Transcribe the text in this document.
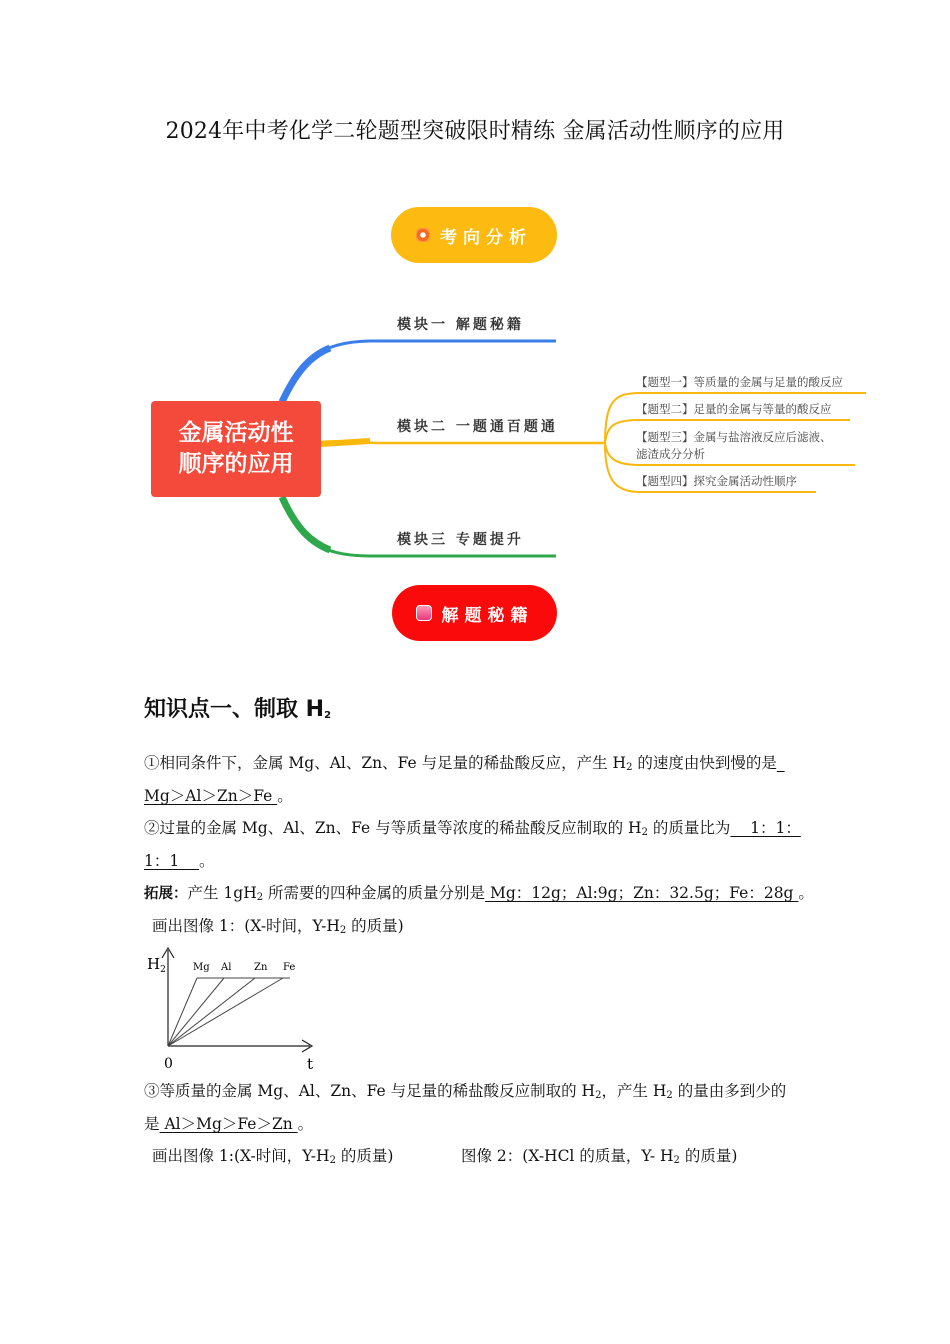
2024年中考化学二轮题型突破限时精练 金属活动性顺序的应用
考向分析
金属活动性
顺序的应用
模块一 解题秘籍
模块二 一题通百题通
模块三 专题提升
【题型一】等质量的金属与足量的酸反应
【题型二】足量的金属与等量的酸反应
【题型三】金属与盐溶液反应后滤液、
滤渣成分分析
【题型四】探究金属活动性顺序
解题秘籍
知识点一、制取 $H_2$
①相同条件下，金属 Mg、Al、Zn、Fe 与足量的稀盐酸反应，产生 $H_2$ 的速度由快到慢的是_
Mg＞Al＞Zn＞Fe 。
②过量的金属 Mg、Al、Zn、Fe 与等质量等浓度的稀盐酸反应制取的 $H_2$ 的质量比为    1：1：
1：1    。
拓展：产生 $1gH_2$ 所需要的四种金属的质量分别是 Mg：12g；Al:9g；Zn：32.5g；Fe：28g 。
画出图像 1：(X-时间，$Y-H_2$ 的质量)
$H_2$	Mg Al Zn Fe
0	t
③等质量的金属 Mg、Al、Zn、Fe 与足量的稀盐酸反应制取的 $H_2$，产生 $H_2$ 的量由多到少的
是 Al＞Mg＞Fe＞Zn 。
画出图像 1:(X-时间，$Y-H_2$ 的质量)	图像 2：(X-HCl 的质量，Y- $H_2$ 的质量)
